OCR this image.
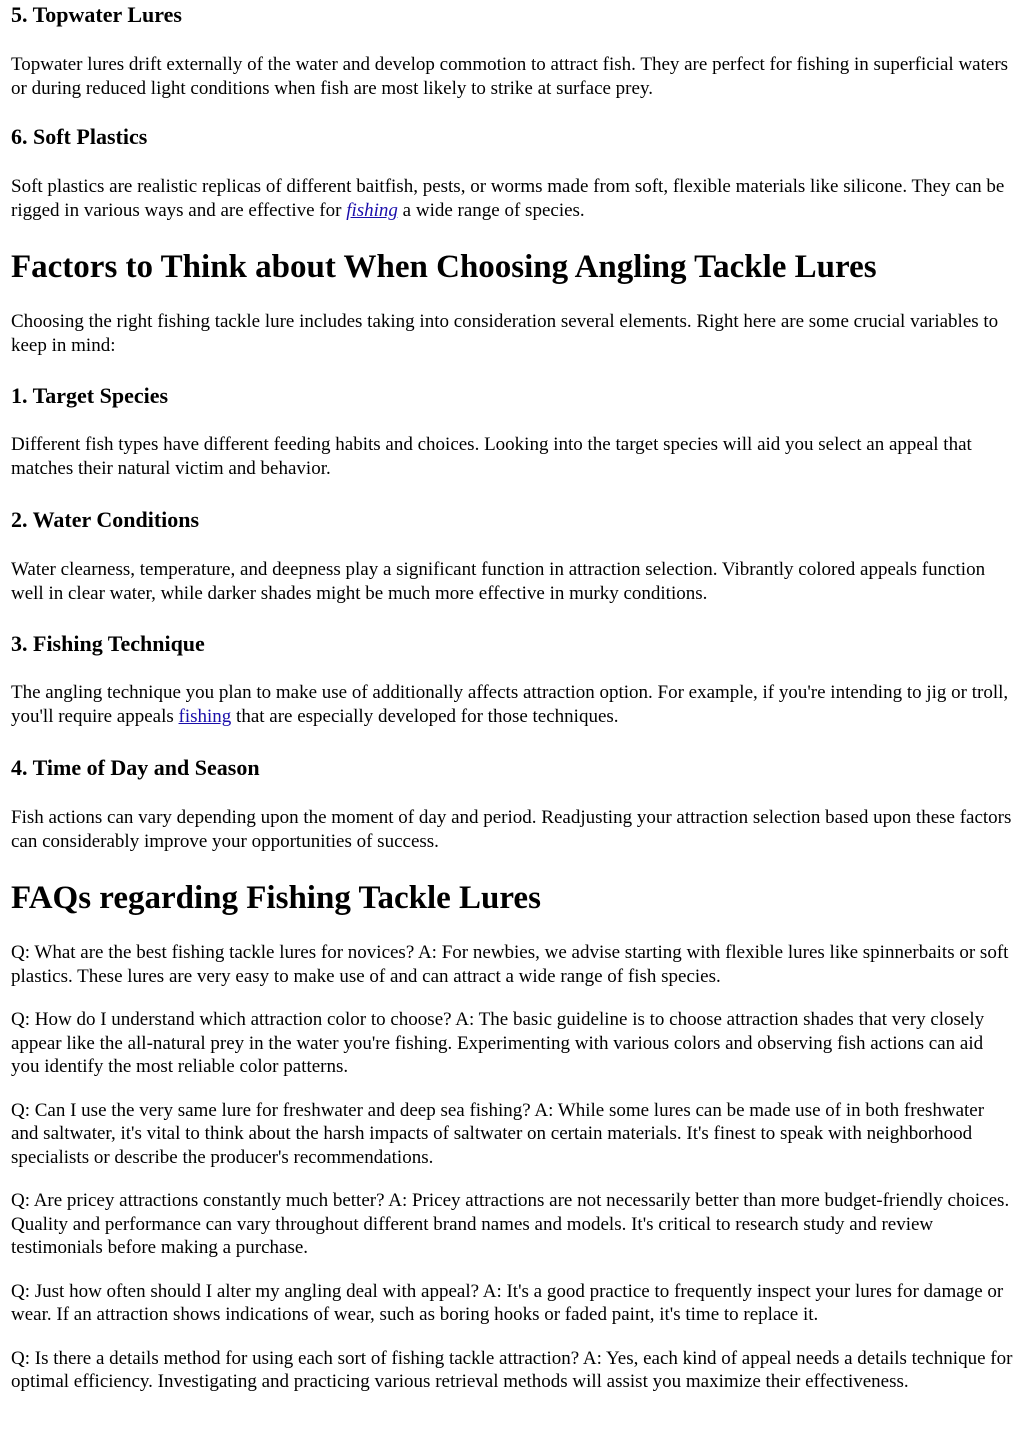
5. Topwater Lures

Topwater lures drift externally of the water and develop commotion to attract fish. They are perfect for fishing in superficial waters or during reduced light conditions when fish are most likely to strike at surface prey.

6. Soft Plastics

Soft plastics are realistic replicas of different baitfish, pests, or worms made from soft, flexible materials like silicone. They can be rigged in various ways and are effective for fishing a wide range of species.

Factors to Think about When Choosing Angling Tackle Lures

Choosing the right fishing tackle lure includes taking into consideration several elements. Right here are some crucial variables to keep in mind:

1. Target Species

Different fish types have different feeding habits and choices. Looking into the target species will aid you select an appeal that matches their natural victim and behavior.

2. Water Conditions

Water clearness, temperature, and deepness play a significant function in attraction selection. Vibrantly colored appeals function well in clear water, while darker shades might be much more effective in murky conditions.

3. Fishing Technique

The angling technique you plan to make use of additionally affects attraction option. For example, if you're intending to jig or troll, you'll require appeals fishing that are especially developed for those techniques.

4. Time of Day and Season

Fish actions can vary depending upon the moment of day and period. Readjusting your attraction selection based upon these factors can considerably improve your opportunities of success.

FAQs regarding Fishing Tackle Lures

Q: What are the best fishing tackle lures for novices? A: For newbies, we advise starting with flexible lures like spinnerbaits or soft plastics. These lures are very easy to make use of and can attract a wide range of fish species.

Q: How do I understand which attraction color to choose? A: The basic guideline is to choose attraction shades that very closely appear like the all-natural prey in the water you're fishing. Experimenting with various colors and observing fish actions can aid you identify the most reliable color patterns.

Q: Can I use the very same lure for freshwater and deep sea fishing? A: While some lures can be made use of in both freshwater and saltwater, it's vital to think about the harsh impacts of saltwater on certain materials. It's finest to speak with neighborhood specialists or describe the producer's recommendations.

Q: Are pricey attractions constantly much better? A: Pricey attractions are not necessarily better than more budget-friendly choices. Quality and performance can vary throughout different brand names and models. It's critical to research study and review testimonials before making a purchase.

Q: Just how often should I alter my angling deal with appeal? A: It's a good practice to frequently inspect your lures for damage or wear. If an attraction shows indications of wear, such as boring hooks or faded paint, it's time to replace it.

Q: Is there a details method for using each sort of fishing tackle attraction? A: Yes, each kind of appeal needs a details technique for optimal efficiency. Investigating and practicing various retrieval methods will assist you maximize their effectiveness.
